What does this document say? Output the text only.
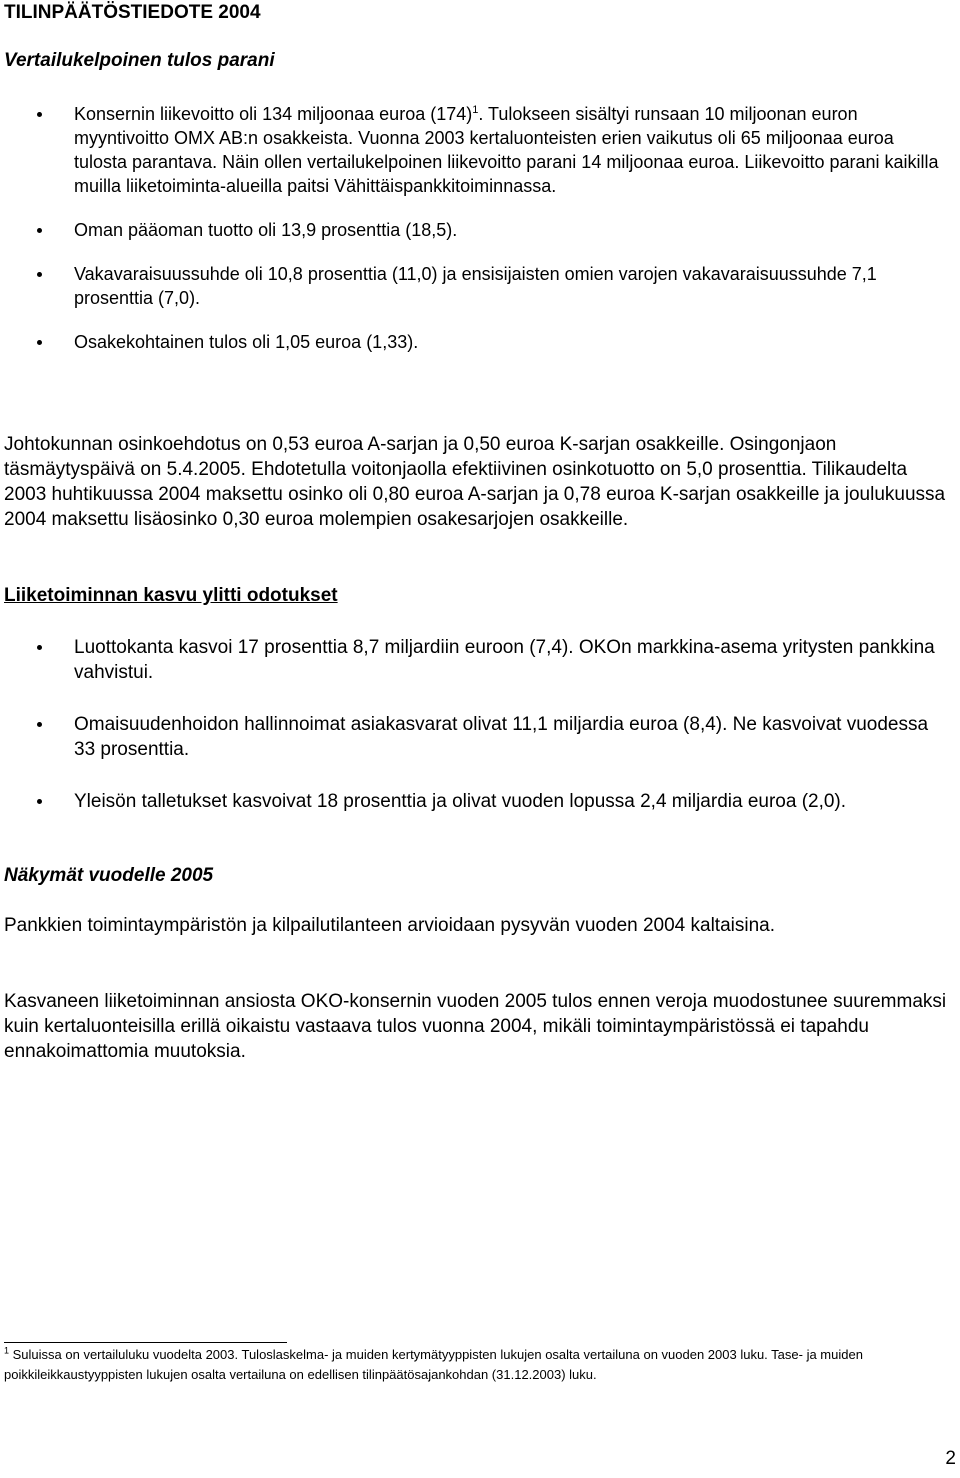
TILINPÄÄTÖSTIEDOTE 2004
Vertailukelpoinen tulos parani
Konsernin liikevoitto oli 134 miljoonaa euroa $(174)^1$. Tulokseen sisältyi runsaan 10 miljoonan euron myyntivoitto OMX AB:n osakkeista. Vuonna 2003 kertaluonteisten erien vaikutus oli 65 miljoonaa euroa tulosta parantava. Näin ollen vertailukelpoinen liikevoitto parani 14 miljoonaa euroa. Liikevoitto parani kaikilla muilla liiketoiminta-alueilla paitsi Vähittäispankkitoiminnassa.
Oman pääoman tuotto oli 13,9 prosenttia (18,5).
Vakavaraisuussuhde oli 10,8 prosenttia (11,0) ja ensisijaisten omien varojen vakavaraisuussuhde 7,1 prosenttia (7,0).
Osakekohtainen tulos oli 1,05 euroa (1,33).

Johtokunnan osinkoehdotus on 0,53 euroa A-sarjan ja 0,50 euroa K-sarjan osakkeille. Osingonjaon täsmäytyspäivä on 5.4.2005. Ehdotetulla voitonjaolla efektiivinen osinkotuotto on 5,0 prosenttia. Tilikaudelta 2003 huhtikuussa 2004 maksettu osinko oli 0,80 euroa A-sarjan ja 0,78 euroa K-sarjan osakkeille ja joulukuussa 2004 maksettu lisäosinko 0,30 euroa molempien osakesarjojen osakkeille.

Liiketoiminnan kasvu ylitti odotukset
Luottokanta kasvoi 17 prosenttia 8,7 miljardiin euroon (7,4). OKOn markkina-asema yritysten pankkina vahvistui.
Omaisuudenhoidon hallinnoimat asiakasvarat olivat 11,1 miljardia euroa (8,4). Ne kasvoivat vuodessa 33 prosenttia.
Yleisön talletukset kasvoivat 18 prosenttia ja olivat vuoden lopussa 2,4 miljardia euroa (2,0).
Näkymät vuodelle 2005

Pankkien toimintaympäristön ja kilpailutilanteen arvioidaan pysyvän vuoden 2004 kaltaisina.

Kasvaneen liiketoiminnan ansiosta OKO-konsernin vuoden 2005 tulos ennen veroja muodostunee suuremmaksi kuin kertaluonteisilla erillä oikaistu vastaava tulos vuonna 2004, mikäli toimintaympäristössä ei tapahdu ennakoimattomia muutoksia.

$^1$ Suluissa on vertailuluku vuodelta 2003. Tuloslaskelma- ja muiden kertymätyyppisten lukujen osalta vertailuna on vuoden 2003 luku. Tase- ja muiden poikkileikkaustyyppisten lukujen osalta vertailuna on edellisen tilinpäätösajankohdan (31.12.2003) luku.

2
